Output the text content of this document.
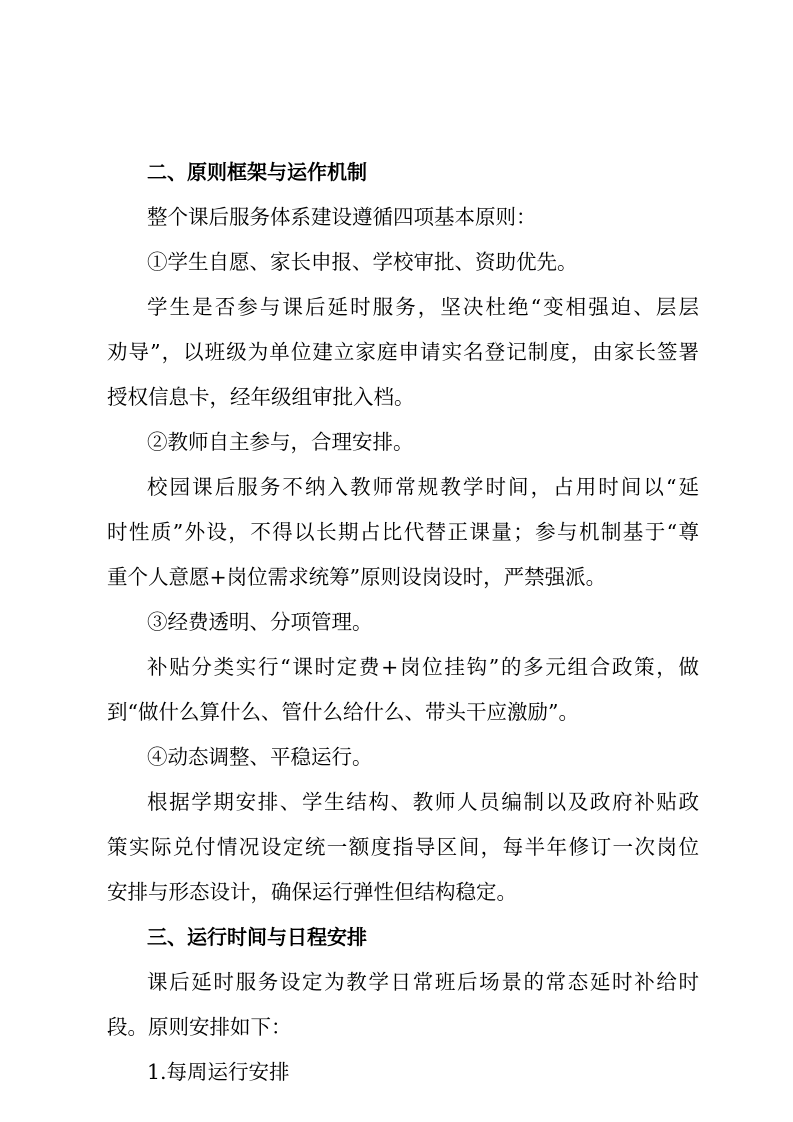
二、原则框架与运作机制

整个课后服务体系建设遵循四项基本原则：

①学生自愿、家长申报、学校审批、资助优先。

学生是否参与课后延时服务，坚决杜绝“变相强迫、层层

劝导”，以班级为单位建立家庭申请实名登记制度，由家长签署

授权信息卡，经年级组审批入档。

②教师自主参与，合理安排。

校园课后服务不纳入教师常规教学时间，占用时间以“延

时性质”外设，不得以长期占比代替正课量；参与机制基于“尊

重个人意愿+岗位需求统筹”原则设岗设时，严禁强派。

③经费透明、分项管理。

补贴分类实行“课时定费+岗位挂钩”的多元组合政策，做

到“做什么算什么、管什么给什么、带头干应激励”。

④动态调整、平稳运行。

根据学期安排、学生结构、教师人员编制以及政府补贴政

策实际兑付情况设定统一额度指导区间，每半年修订一次岗位

安排与形态设计，确保运行弹性但结构稳定。

三、运行时间与日程安排

课后延时服务设定为教学日常班后场景的常态延时补给时

段。原则安排如下：

1.每周运行安排
